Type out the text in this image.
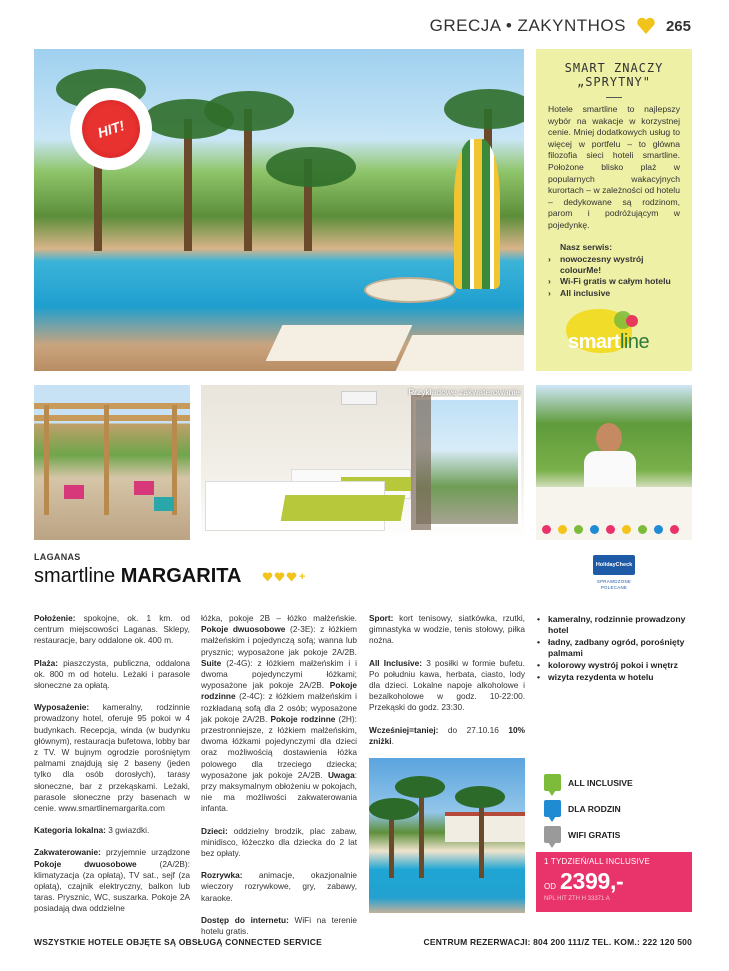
GRECJA • ZAKYNTHOS	265
HIT!
SMART ZNACZY
„SPRYTNY"
Hotele smartline to najlepszy wybór na wakacje w korzystnej cenie. Mniej dodatkowych usług to więcej w portfelu – to główna filozofia sieci hoteli smartline. Położone blisko plaż w popularnych wakacyjnych kurortach – w zależności od hotelu – dedykowane są rodzinom, parom i podróżującym w pojedynkę.
Nasz serwis:
› nowoczesny wystrój colourMe!
› Wi-Fi gratis w całym hotelu
› All inclusive
smartline
Przykładowe zakwaterowanie
LAGANAS
smartline MARGARITA	+
HolidayCheck
SPRAWDZONE POLECANE

Położenie: spokojne, ok. 1 km. od centrum miejscowości Laganas. Sklepy, restauracje, bary oddalone ok. 400 m.

Plaża: piaszczysta, publiczna, oddalona ok. 800 m od hotelu. Leżaki i parasole słoneczne za opłatą.

Wyposażenie: kameralny, rodzinnie prowadzony hotel, oferuje 95 pokoi w 4 budynkach. Recepcja, winda (w budynku głównym), restauracja bufetowa, lobby bar z TV. W bujnym ogrodzie porośniętym palmami znajdują się 2 baseny (jeden tylko dla osób dorosłych), tarasy słoneczne, bar z przekąskami. Leżaki, parasole słoneczne przy basenach w cenie. www.smartlinemargarita.com

Kategoria lokalna: 3 gwiazdki.

Zakwaterowanie: przyjemnie urządzone Pokoje dwuosobowe (2A/2B): klimatyzacja (za opłatą), TV sat., sejf (za opłatą), czajnik elektryczny, balkon lub taras. Prysznic, WC, suszarka. Pokoje 2A posiadają dwa oddzielne

łóżka, pokoje 2B – łóżko małżeńskie. Pokoje dwuosobowe (2-3E): z łóżkiem małżeńskim i pojedynczą sofą; wanna lub prysznic; wyposażone jak pokoje 2A/2B. Suite (2-4G): z łóżkiem małżeńskim i i dwoma pojedynczymi łóżkami; wyposażone jak pokoje 2A/2B. Pokoje rodzinne (2-4C): z łóżkiem małżeńskim i rozkładaną sofą dla 2 osób; wyposażone jak pokoje 2A/2B. Pokoje rodzinne (2H): przestronniejsze, z łóżkiem małżeńskim, dwoma łóżkami pojedynczymi dla dzieci oraz możliwością dostawienia łóżka polowego dla trzeciego dziecka; wyposażone jak pokoje 2A/2B. Uwaga: przy maksymalnym obłożeniu w pokojach, nie ma możliwości zakwaterowania infanta.

Dzieci: oddzielny brodzik, plac zabaw, minidisco, łóżeczko dla dziecka do 2 lat bez opłaty.

Rozrywka: animacje, okazjonalnie wieczory rozrywkowe, gry, zabawy, karaoke.

Dostęp do internetu: WiFi na terenie hotelu gratis.

Sport: kort tenisowy, siatkówka, rzutki, gimnastyka w wodzie, tenis stołowy, piłka nożna.

All Inclusive: 3 posiłki w formie bufetu. Po południu kawa, herbata, ciasto, lody dla dzieci. Lokalne napoje alkoholowe i bezalkoholowe w godz. 10-22:00. Przekąski do godz. 23:30.

Wcześniej=taniej: do 27.10.16 10% zniżki.

• kameralny, rodzinnie prowadzony hotel
• ładny, zadbany ogród, porośnięty palmami
• kolorowy wystrój pokoi i wnętrz
• wizyta rezydenta w hotelu
ALL INCLUSIVE
DLA RODZIN
WIFI GRATIS
1 TYDZIEŃ/ALL INCLUSIVE
OD 2399,-
NPL HIT ZTH H 33371 A
WSZYSTKIE HOTELE OBJĘTE SĄ OBSŁUGĄ CONNECTED SERVICE	CENTRUM REZERWACJI: 804 200 111/Z TEL. KOM.: 222 120 500
